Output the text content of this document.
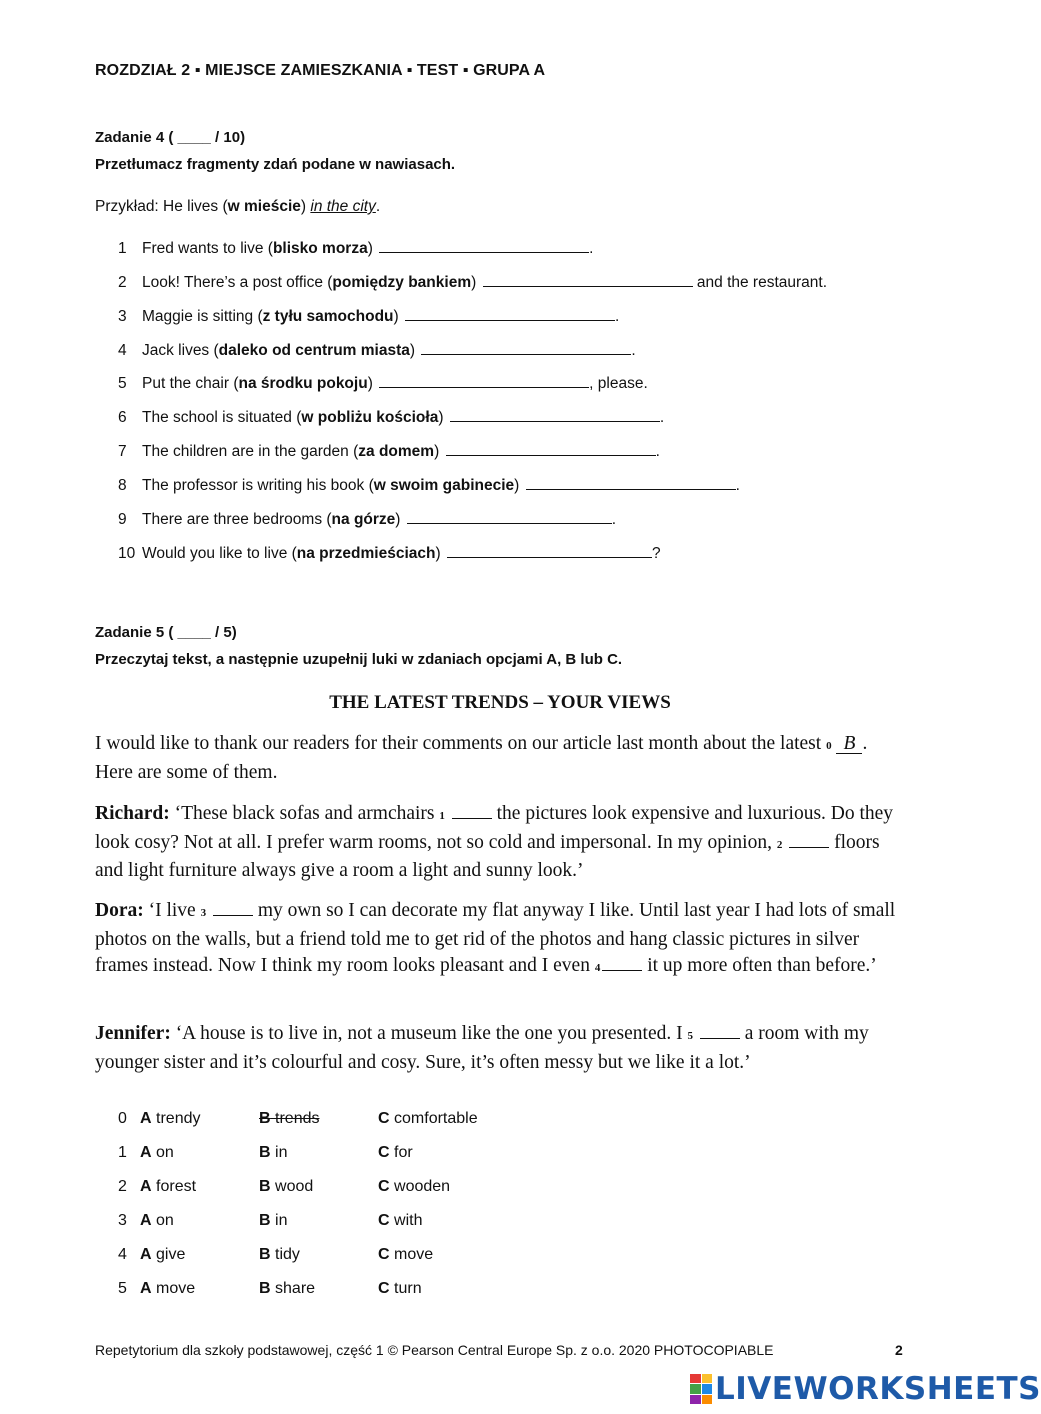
ROZDZIAŁ 2 ▪ MIEJSCE ZAMIESZKANIA ▪ TEST ▪ GRUPA A
Zadanie 4 ( ____ / 10)
Przetłumacz fragmenty zdań podane w nawiasach.
Przykład: He lives (w mieście) in the city.
1 Fred wants to live (blisko morza)	.
2 Look! There’s a post office (pomiędzy bankiem)	and the restaurant.
3 Maggie is sitting (z tyłu samochodu)	.
4 Jack lives (daleko od centrum miasta)	.
5 Put the chair (na środku pokoju)	, please.
6 The school is situated (w pobliżu kościoła)	.
7 The children are in the garden (za domem)	.
8 The professor is writing his book (w swoim gabinecie)	.
9 There are three bedrooms (na górze)	.
10 Would you like to live (na przedmieściach)	?
Zadanie 5 ( ____ / 5)
Przeczytaj tekst, a następnie uzupełnij luki w zdaniach opcjami A, B lub C.
THE LATEST TRENDS – YOUR VIEWS
I would like to thank our readers for their comments on our article last month about the latest 0 B . Here are some of them.
Richard: ‘These black sofas and armchairs 1  the pictures look expensive and luxurious. Do they look cosy? Not at all. I prefer warm rooms, not so cold and impersonal. In my opinion, 2  floors and light furniture always give a room a light and sunny look.’
Dora: ‘I live 3  my own so I can decorate my flat anyway I like. Until last year I had lots of small photos on the walls, but a friend told me to get rid of the photos and hang classic pictures in silver frames instead. Now I think my room looks pleasant and I even 4 it up more often than before.’
Jennifer: ‘A house is to live in, not a museum like the one you presented. I 5  a room with my younger sister and it’s colourful and cosy. Sure, it’s often messy but we like it a lot.’
0 A trendy	B trends	C comfortable
1 A on	B in	C for
2 A forest	B wood	C wooden
3 A on	B in	C with
4 A give	B tidy	C move
5 A move	B share	C turn
Repetytorium dla szkoły podstawowej, część 1 © Pearson Central Europe Sp. z o.o. 2020 PHOTOCOPIABLE	2
LIVEWORKSHEETS
